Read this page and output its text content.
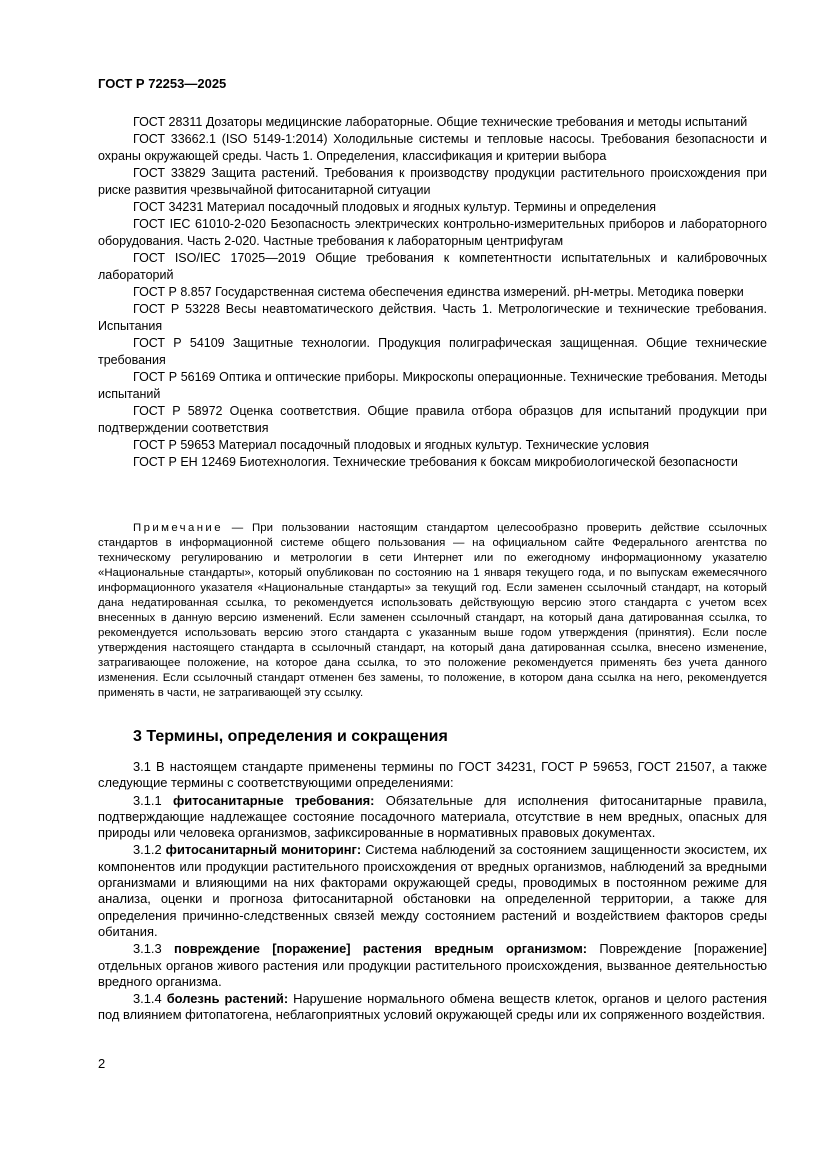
ГОСТ Р 72253—2025

ГОСТ 28311 Дозаторы медицинские лабораторные. Общие технические требования и методы испытаний

ГОСТ 33662.1 (ISO 5149-1:2014) Холодильные системы и тепловые насосы. Требования безопасности и охраны окружающей среды. Часть 1. Определения, классификация и критерии выбора

ГОСТ 33829 Защита растений. Требования к производству продукции растительного происхождения при риске развития чрезвычайной фитосанитарной ситуации

ГОСТ 34231 Материал посадочный плодовых и ягодных культур. Термины и определения

ГОСТ IEC 61010-2-020 Безопасность электрических контрольно-измерительных приборов и лабораторного оборудования. Часть 2-020. Частные требования к лабораторным центрифугам

ГОСТ ISO/IEC 17025—2019 Общие требования к компетентности испытательных и калибровочных лабораторий

ГОСТ Р 8.857 Государственная система обеспечения единства измерений. pH-метры. Методика поверки

ГОСТ Р 53228 Весы неавтоматического действия. Часть 1. Метрологические и технические требования. Испытания

ГОСТ Р 54109 Защитные технологии. Продукция полиграфическая защищенная. Общие технические требования

ГОСТ Р 56169 Оптика и оптические приборы. Микроскопы операционные. Технические требования. Методы испытаний

ГОСТ Р 58972 Оценка соответствия. Общие правила отбора образцов для испытаний продукции при подтверждении соответствия

ГОСТ Р 59653 Материал посадочный плодовых и ягодных культур. Технические условия

ГОСТ Р ЕН 12469 Биотехнология. Технические требования к боксам микробиологической безопасности

Примечание — При пользовании настоящим стандартом целесообразно проверить действие ссылочных стандартов в информационной системе общего пользования — на официальном сайте Федерального агентства по техническому регулированию и метрологии в сети Интернет или по ежегодному информационному указателю «Национальные стандарты», который опубликован по состоянию на 1 января текущего года, и по выпускам ежемесячного информационного указателя «Национальные стандарты» за текущий год. Если заменен ссылочный стандарт, на который дана недатированная ссылка, то рекомендуется использовать действующую версию этого стандарта с учетом всех внесенных в данную версию изменений. Если заменен ссылочный стандарт, на который дана датированная ссылка, то рекомендуется использовать версию этого стандарта с указанным выше годом утверждения (принятия). Если после утверждения настоящего стандарта в ссылочный стандарт, на который дана датированная ссылка, внесено изменение, затрагивающее положение, на которое дана ссылка, то это положение рекомендуется применять без учета данного изменения. Если ссылочный стандарт отменен без замены, то положение, в котором дана ссылка на него, рекомендуется применять в части, не затрагивающей эту ссылку.

3 Термины, определения и сокращения

3.1 В настоящем стандарте применены термины по ГОСТ 34231, ГОСТ Р 59653, ГОСТ 21507, а также следующие термины с соответствующими определениями:

3.1.1 фитосанитарные требования: Обязательные для исполнения фитосанитарные правила, подтверждающие надлежащее состояние посадочного материала, отсутствие в нем вредных, опасных для природы или человека организмов, зафиксированные в нормативных правовых документах.

3.1.2 фитосанитарный мониторинг: Система наблюдений за состоянием защищенности экосистем, их компонентов или продукции растительного происхождения от вредных организмов, наблюдений за вредными организмами и влияющими на них факторами окружающей среды, проводимых в постоянном режиме для анализа, оценки и прогноза фитосанитарной обстановки на определенной территории, а также для определения причинно-следственных связей между состоянием растений и воздействием факторов среды обитания.

3.1.3 повреждение [поражение] растения вредным организмом: Повреждение [поражение] отдельных органов живого растения или продукции растительного происхождения, вызванное деятельностью вредного организма.

3.1.4 болезнь растений: Нарушение нормального обмена веществ клеток, органов и целого растения под влиянием фитопатогена, неблагоприятных условий окружающей среды или их сопряженного воздействия.

2
